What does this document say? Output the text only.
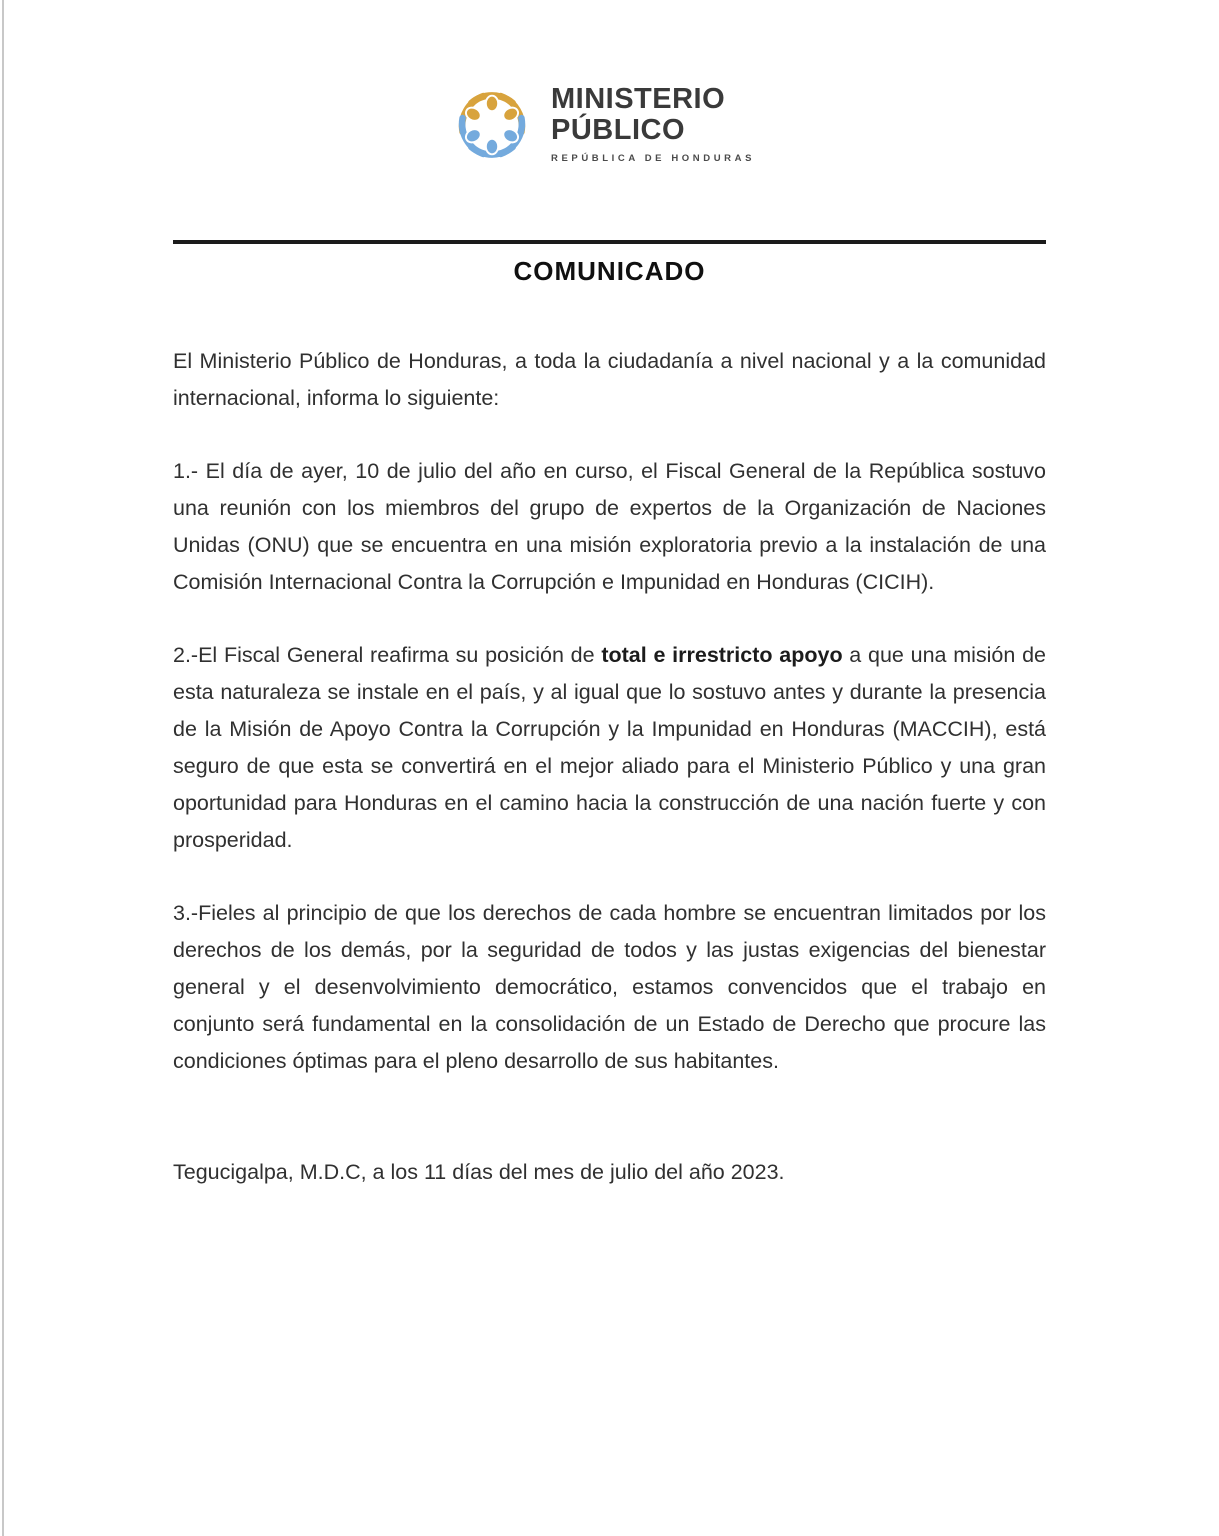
MINISTERIO
PÚBLICO
REPÚBLICA DE HONDURAS
COMUNICADO

El Ministerio Público de Honduras, a toda la ciudadanía a nivel nacional y a la comunidad internacional, informa lo siguiente:

1.- El día de ayer, 10 de julio del año en curso, el Fiscal General de la República sostuvo una reunión con los miembros del grupo de expertos de la Organización de Naciones Unidas (ONU) que se encuentra en una misión exploratoria previo a la instalación de una Comisión Internacional Contra la Corrupción e Impunidad en Honduras (CICIH).

2.-El Fiscal General reafirma su posición de total e irrestricto apoyo a que una misión de esta naturaleza se instale en el país, y al igual que lo sostuvo antes y durante la presencia de la Misión de Apoyo Contra la Corrupción y la Impunidad en Honduras (MACCIH), está seguro de que esta se convertirá en el mejor aliado para el Ministerio Público y una gran oportunidad para Honduras en el camino hacia la construcción de una nación fuerte y con prosperidad.

3.-Fieles al principio de que los derechos de cada hombre se encuentran limitados por los derechos de los demás, por la seguridad de todos y las justas exigencias del bienestar general y el desenvolvimiento democrático, estamos convencidos que el trabajo en conjunto será fundamental en la consolidación de un Estado de Derecho que procure las condiciones óptimas para el pleno desarrollo de sus habitantes.

Tegucigalpa, M.D.C, a los 11 días del mes de julio del año 2023.
